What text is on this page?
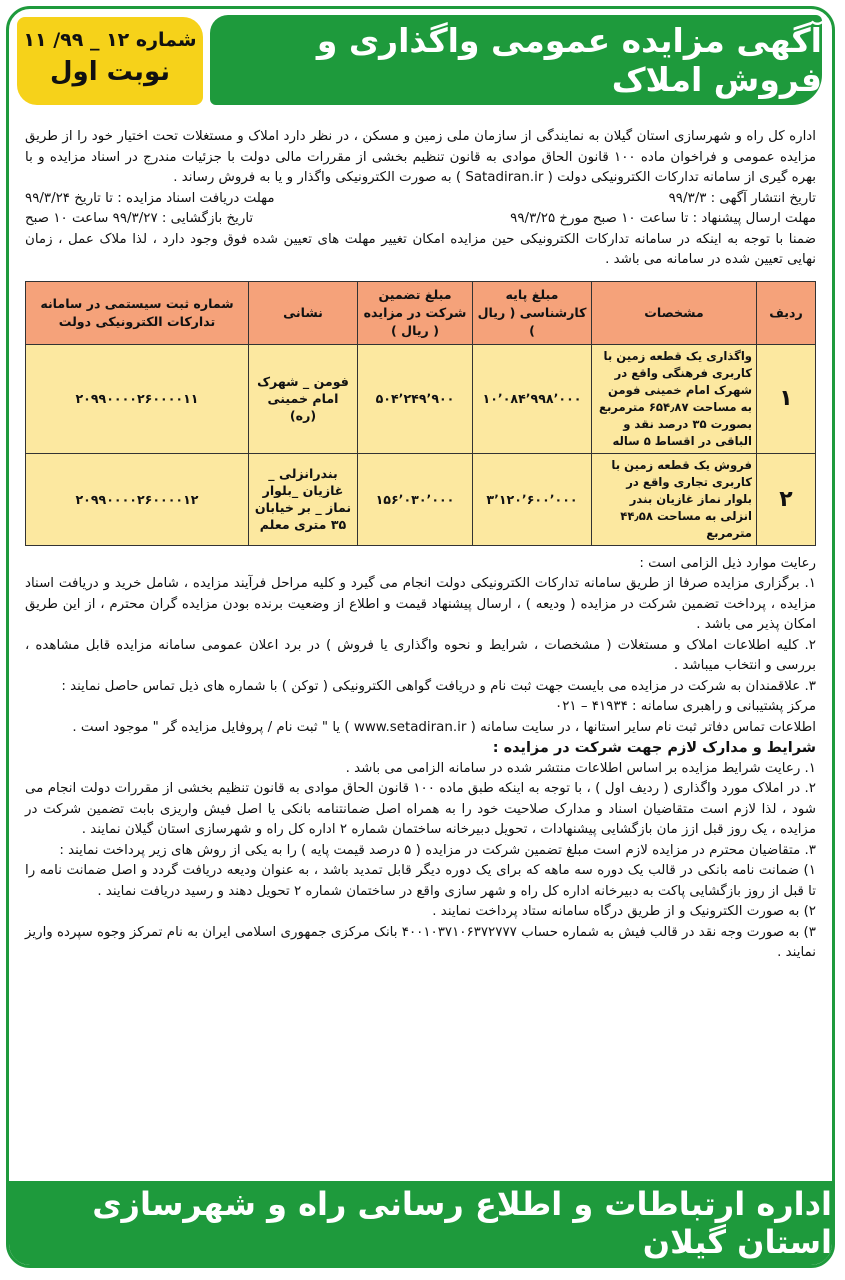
آگهی مزایده عمومی واگذاری و فروش املاک
شماره ۱۲ _ ۹۹/ ۱۱
نوبت اول

اداره کل راه و شهرسازی استان گیلان به نمایندگی از سازمان ملی زمین و مسکن ، در نظر دارد املاک و مستغلات تحت اختیار خود را از طریق مزایده عمومی و فراخوان ماده ۱۰۰ قانون الحاق موادی به قانون تنظیم بخشی از مقررات مالی دولت با جزئیات مندرج در اسناد مزایده و با بهره گیری از سامانه تدارکات الکترونیکی دولت ( Satadiran.ir ) به صورت الکترونیکی واگذار و یا به فروش رساند .

تاریخ انتشار آگهی : ۹۹/۳/۳
مهلت دریافت اسناد مزایده : تا تاریخ ۹۹/۳/۲۴
مهلت ارسال پیشنهاد : تا ساعت ۱۰ صبح مورخ ۹۹/۳/۲۵
تاریخ بازگشایی : ۹۹/۳/۲۷ ساعت ۱۰ صبح

ضمنا با توجه به اینکه در سامانه تدارکات الکترونیکی حین مزایده امکان تغییر مهلت های تعیین شده فوق وجود دارد ، لذا ملاک عمل ، زمان نهایی تعیین شده در سامانه می باشد .

ردیف	مشخصات	مبلغ پایه کارشناسی ( ریال )	مبلغ تضمین شرکت در مزایده ( ریال )	نشانی	شماره ثبت سیستمی در سامانه تدارکات الکترونیکی دولت
۱	واگذاری یک قطعه زمین با کاربری فرهنگی واقع در شهرک امام خمینی فومن به مساحت ۶۵۴٫۸۷ مترمربع بصورت ۳۵ درصد نقد و الباقی در اقساط ۵ ساله	۱۰٬۰۸۴٬۹۹۸٬۰۰۰	۵۰۴٬۲۴۹٬۹۰۰	فومن _ شهرک امام خمینی (ره)	۲۰۹۹۰۰۰۰۲۶۰۰۰۰۱۱
۲	فروش یک قطعه زمین با کاربری تجاری واقع در بلوار نماز غازیان بندر انزلی به مساحت ۴۴٫۵۸ مترمربع	۳٬۱۲۰٬۶۰۰٬۰۰۰	۱۵۶٬۰۳۰٬۰۰۰	بندرانزلی _ غازیان _بلوار نماز _ بر خیابان ۳۵ متری معلم	۲۰۹۹۰۰۰۰۲۶۰۰۰۰۱۲

رعایت موارد ذیل الزامی است :

۱. برگزاری مزایده صرفا از طریق سامانه تدارکات الکترونیکی دولت انجام می گیرد و کلیه مراحل فرآیند مزایده ، شامل خرید و دریافت اسناد مزایده ، پرداخت تضمین شرکت در مزایده ( ودیعه ) ، ارسال پیشنهاد قیمت و اطلاع از وضعیت برنده بودن مزایده گران محترم ، از این طریق امکان پذیر می باشد .

۲. کلیه اطلاعات املاک و مستغلات ( مشخصات ، شرایط و نحوه واگذاری یا فروش ) در برد اعلان عمومی سامانه مزایده قابل مشاهده ، بررسی و انتخاب میباشد .

۳. علاقمندان به شرکت در مزایده می بایست جهت ثبت نام و دریافت گواهی الکترونیکی ( توکن ) با شماره های ذیل تماس حاصل نمایند :

مرکز پشتیبانی و راهبری سامانه : ۴۱۹۳۴ – ۰۲۱

اطلاعات تماس دفاتر ثبت نام سایر استانها ، در سایت سامانه ( www.setadiran.ir ) یا " ثبت نام / پروفایل مزایده گر " موجود است .

شرایط و مدارک لازم جهت شرکت در مزایده :

۱. رعایت شرایط مزایده بر اساس اطلاعات منتشر شده در سامانه الزامی می باشد .

۲. در املاک مورد واگذاری ( ردیف اول ) ، با توجه به اینکه طبق ماده ۱۰۰ قانون الحاق موادی به قانون تنظیم بخشی از مقررات دولت انجام می شود ، لذا لازم است متقاضیان اسناد و مدارک صلاحیت خود را به همراه اصل ضمانتنامه بانکی یا اصل فیش واریزی بابت تضمین شرکت در مزایده ، یک روز قبل ازز مان بازگشایی پیشنهادات ، تحویل دبیرخانه ساختمان شماره ۲ اداره کل راه و شهرسازی استان گیلان نمایند .

۳. متقاضیان محترم در مزایده لازم است مبلغ تضمین شرکت در مزایده ( ۵ درصد قیمت پایه ) را به یکی از روش های زیر پرداخت نمایند :

۱) ضمانت نامه بانکی در قالب یک دوره سه ماهه که برای یک دوره دیگر قابل تمدید باشد ، به عنوان ودیعه دریافت گردد و اصل ضمانت نامه را تا قبل از روز بازگشایی پاکت به دبیرخانه اداره کل راه و شهر سازی واقع در ساختمان شماره ۲ تحویل دهند و رسید دریافت نمایند .

۲) به صورت الکترونیک و از طریق درگاه سامانه ستاد پرداخت نمایند .

۳) به صورت وجه نقد در قالب فیش به شماره حساب ۴۰۰۱۰۳۷۱۰۶۳۷۲۷۷۷ بانک مرکزی جمهوری اسلامی ایران به نام تمرکز وجوه سپرده واریز نمایند .

اداره ارتباطات و اطلاع رسانی راه و شهرسازی استان گیلان
